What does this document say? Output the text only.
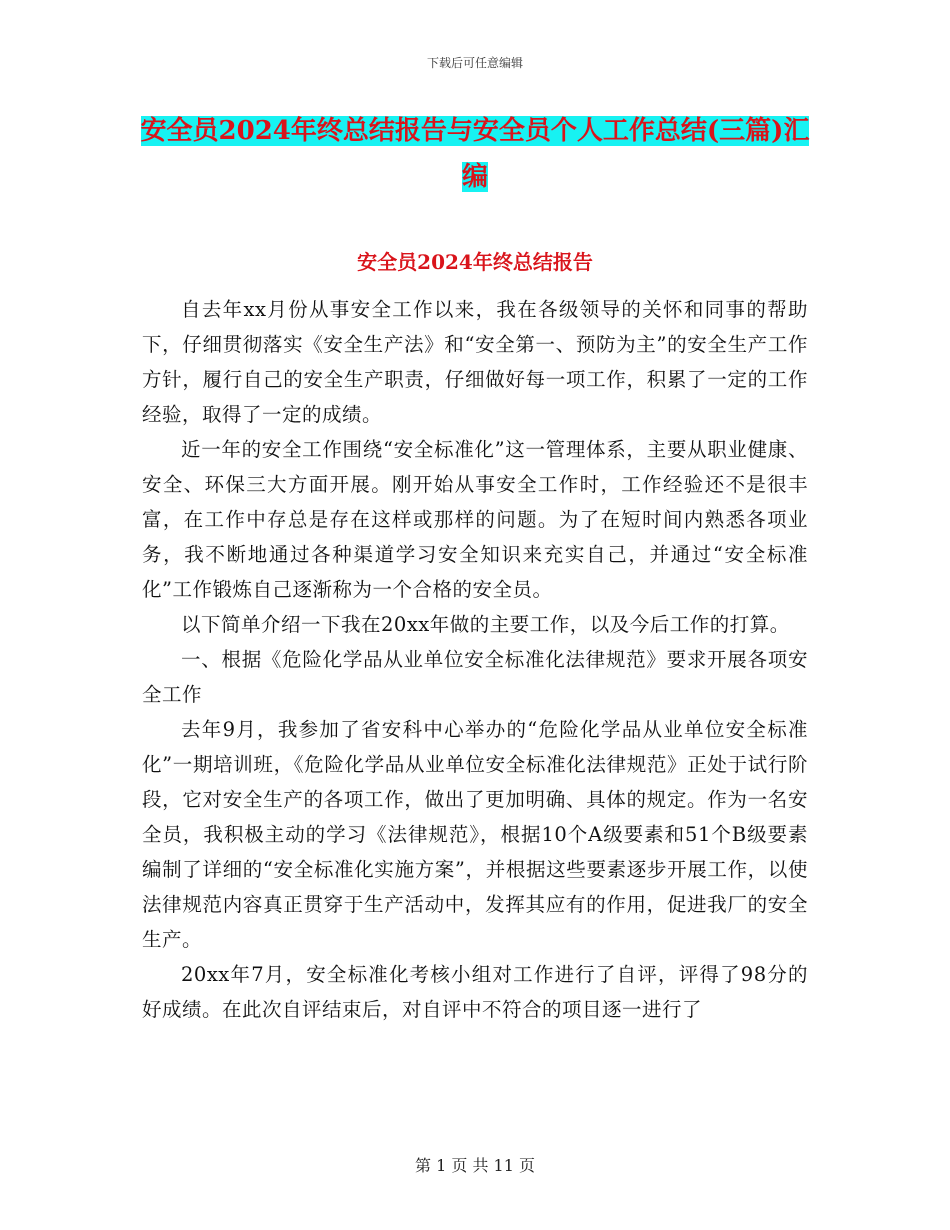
下载后可任意编辑
安全员2024年终总结报告与安全员个人工作总结(三篇)汇编
安全员2024年终总结报告

自去年xx月份从事安全工作以来，我在各级领导的关怀和同事的帮助下，仔细贯彻落实《安全生产法》和“安全第一、预防为主”的安全生产工作方针，履行自己的安全生产职责，仔细做好每一项工作，积累了一定的工作经验，取得了一定的成绩。

近一年的安全工作围绕“安全标准化”这一管理体系，主要从职业健康、安全、环保三大方面开展。刚开始从事安全工作时，工作经验还不是很丰富，在工作中存总是存在这样或那样的问题。为了在短时间内熟悉各项业务，我不断地通过各种渠道学习安全知识来充实自己，并通过“安全标准化”工作锻炼自己逐渐称为一个合格的安全员。

以下简单介绍一下我在20xx年做的主要工作，以及今后工作的打算。

一、根据《危险化学品从业单位安全标准化法律规范》要求开展各项安全工作

去年9月，我参加了省安科中心举办的“危险化学品从业单位安全标准化”一期培训班，《危险化学品从业单位安全标准化法律规范》正处于试行阶段，它对安全生产的各项工作，做出了更加明确、具体的规定。作为一名安全员，我积极主动的学习《法律规范》，根据10个A级要素和51个B级要素编制了详细的“安全标准化实施方案”，并根据这些要素逐步开展工作，以使法律规范内容真正贯穿于生产活动中，发挥其应有的作用，促进我厂的安全生产。

20xx年7月，安全标准化考核小组对工作进行了自评，评得了98分的好成绩。在此次自评结束后，对自评中不符合的项目逐一进行了

第 1 页 共 11 页
